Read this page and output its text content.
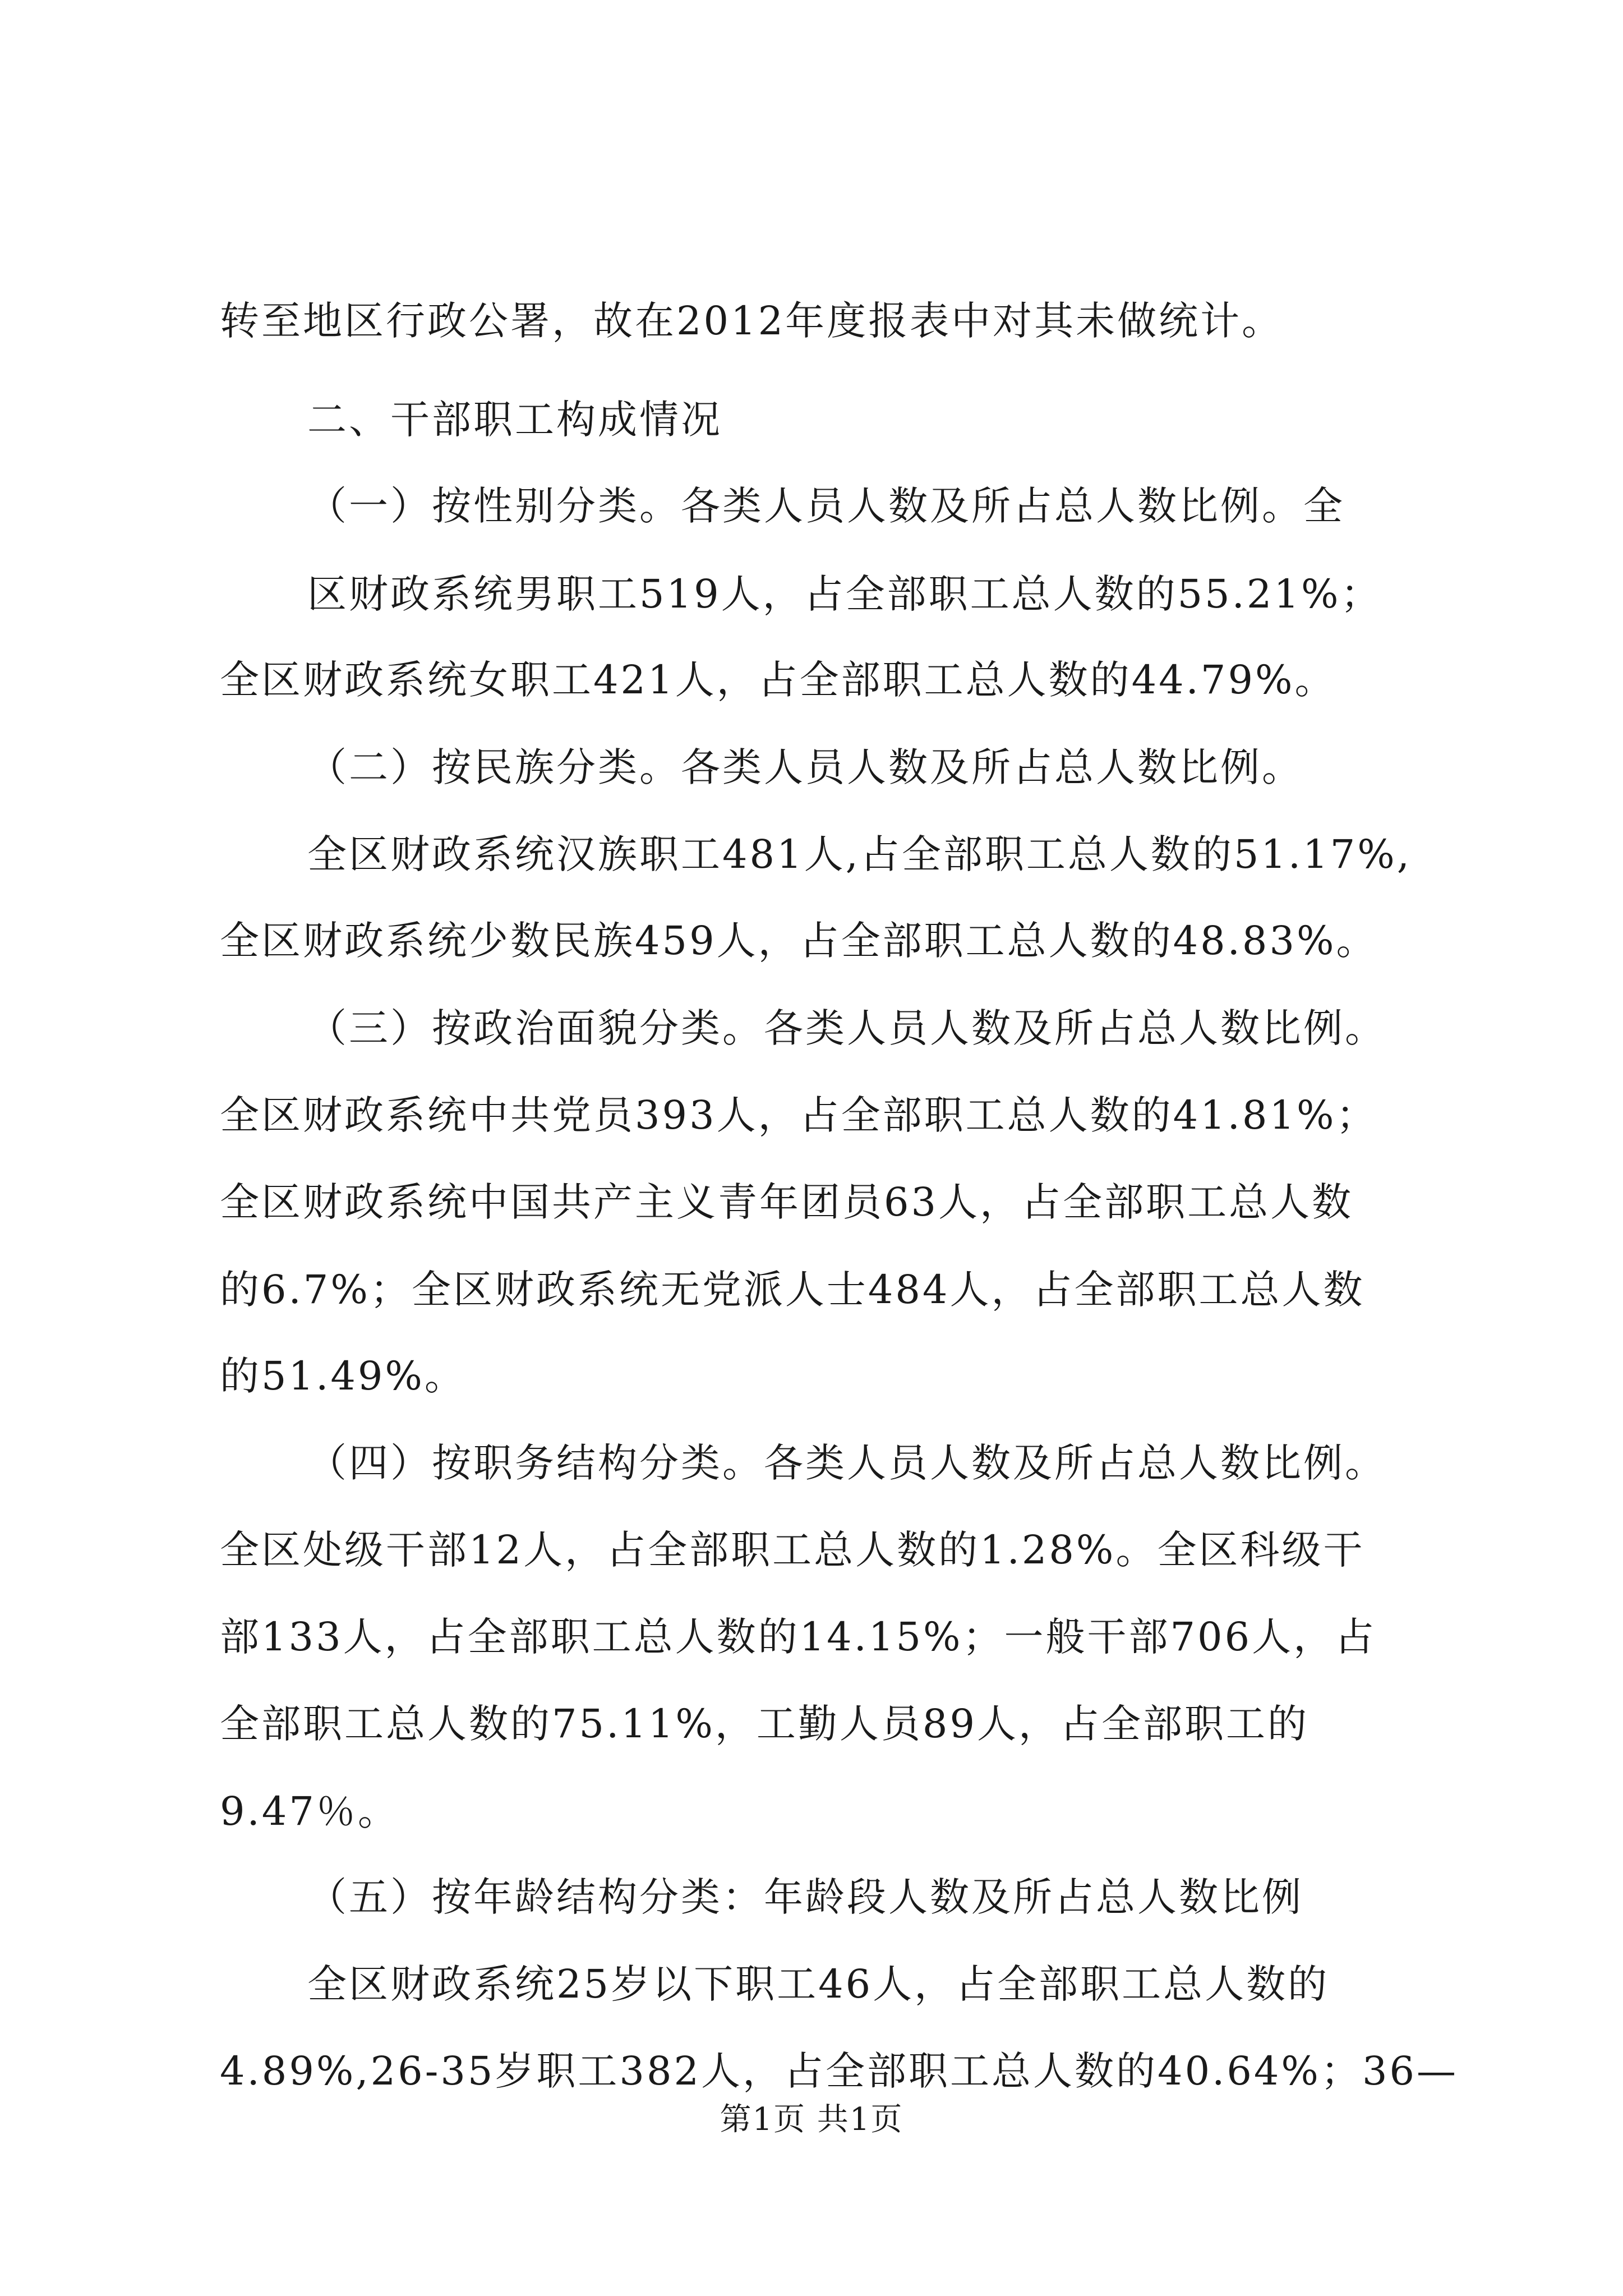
转至地区行政公署，故在2012年度报表中对其未做统计。
二、干部职工构成情况
（一）按性别分类。各类人员人数及所占总人数比例。全
区财政系统男职工519人，占全部职工总人数的55.21%；
全区财政系统女职工421人，占全部职工总人数的44.79%。
（二）按民族分类。各类人员人数及所占总人数比例。
全区财政系统汉族职工481人,占全部职工总人数的51.17%,
全区财政系统少数民族459人，占全部职工总人数的48.83%。
（三）按政治面貌分类。各类人员人数及所占总人数比例。
全区财政系统中共党员393人，占全部职工总人数的41.81%；
全区财政系统中国共产主义青年团员63人，占全部职工总人数
的6.7%；全区财政系统无党派人士484人，占全部职工总人数
的51.49%。
（四）按职务结构分类。各类人员人数及所占总人数比例。
全区处级干部12人，占全部职工总人数的1.28%。全区科级干
部133人，占全部职工总人数的14.15%；一般干部706人，占
全部职工总人数的75.11%，工勤人员89人，占全部职工的
9.47％。
（五）按年龄结构分类：年龄段人数及所占总人数比例
全区财政系统25岁以下职工46人，占全部职工总人数的
4.89%,26-35岁职工382人，占全部职工总人数的40.64%；36—
第1页 共1页
